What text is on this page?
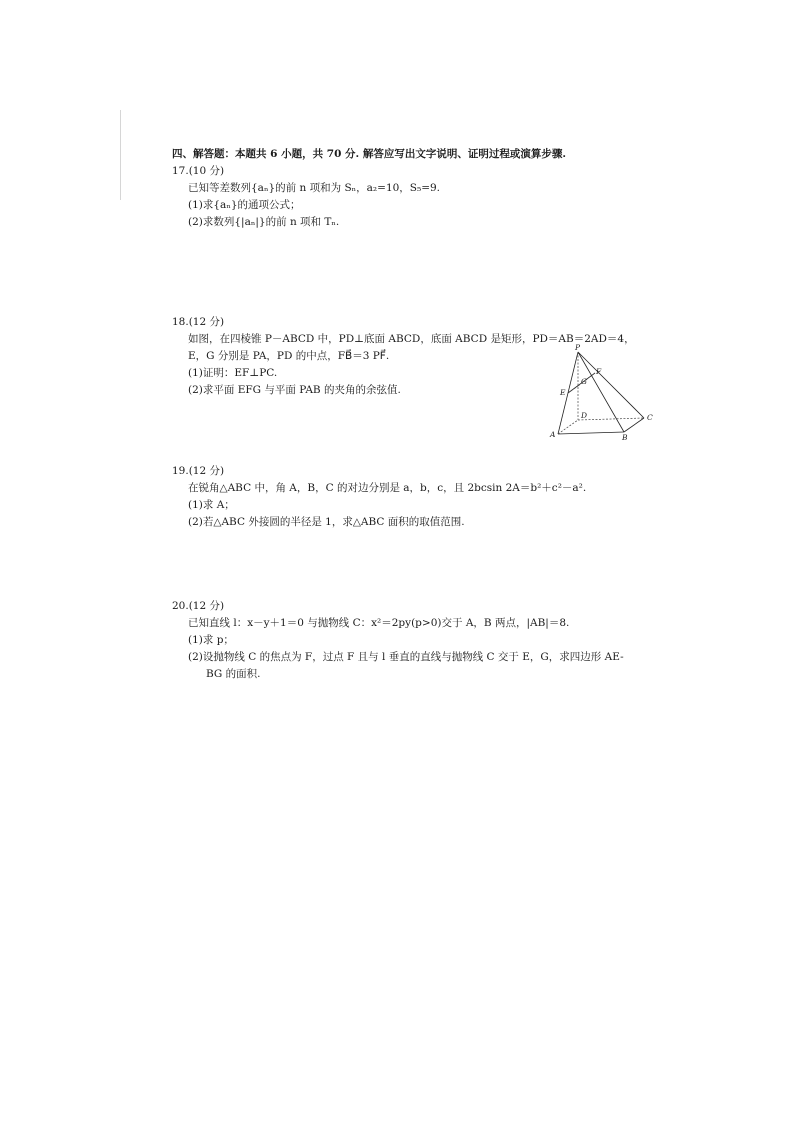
四、解答题：本题共 6 小题，共 70 分. 解答应写出文字说明、证明过程或演算步骤.

17.(10 分)

已知等差数列{aₙ}的前 n 项和为 Sₙ，a₂=10，S₅=9.

(1)求{aₙ}的通项公式；

(2)求数列{|aₙ|}的前 n 项和 Tₙ.

18.(12 分)

如图，在四棱锥 P－ABCD 中，PD⊥底面 ABCD，底面 ABCD 是矩形，PD＝AB＝2AD＝4，

E，G 分别是 PA，PD 的中点，FB⃗＝3 PF⃗.

(1)证明：EF⊥PC.

(2)求平面 EFG 与平面 PAB 的夹角的余弦值.

P
G
F
E
D	C
A	B

19.(12 分)

在锐角△ABC 中，角 A，B，C 的对边分别是 a，b，c，且 2bcsin 2A＝b²＋c²－a².

(1)求 A；

(2)若△ABC 外接圆的半径是 1，求△ABC 面积的取值范围.

20.(12 分)

已知直线 l：x－y＋1＝0 与抛物线 C：x²＝2py(p>0)交于 A，B 两点，|AB|＝8.

(1)求 p；

(2)设抛物线 C 的焦点为 F，过点 F 且与 l 垂直的直线与抛物线 C 交于 E，G，求四边形 AE-

BG 的面积.
